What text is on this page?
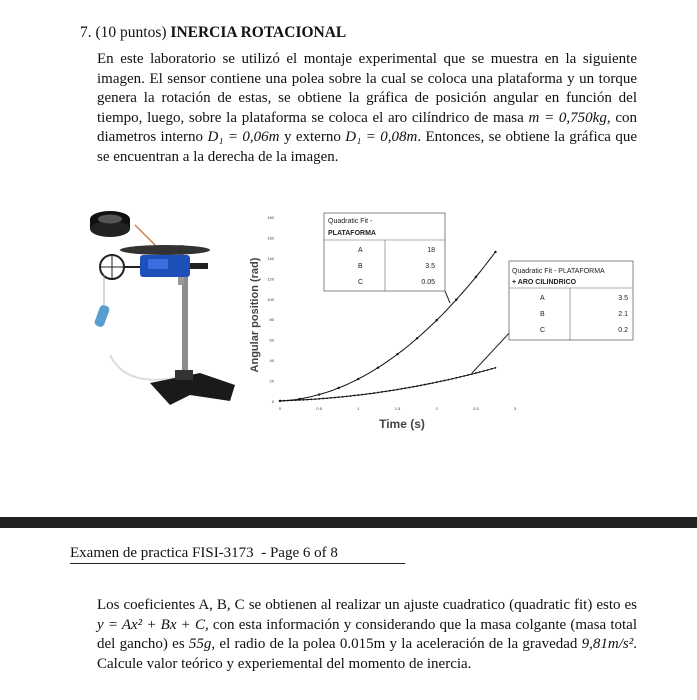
7. (10 puntos) INERCIA ROTACIONAL
En este laboratorio se utilizó el montaje experimental que se muestra en la siguiente imagen. El sensor contiene una polea sobre la cual se coloca una plataforma y un torque genera la rotación de estas, se obtiene la gráfica de posición angular en función del tiempo, luego, sobre la plataforma se coloca el aro cilíndrico de masa m = 0,750kg, con diametros interno D₁ = 0,06m y externo D₁ = 0,08m. Entonces, se obtiene la gráfica que se encuentran a la derecha de la imagen.
0
20
40
60
80
100
120
140
160
180
0	0.5	1	1.5	2	2.5	3
Angular position (rad)
Time (s)
Quadratic Fit -
PLATAFORMA
A	18
B	3.5
C	0.05
Quadratic Fit - PLATAFORMA
+ ARO CILINDRICO
A	3.5
B	2.1
C	0.2
Examen de practica FISI-3173  - Page 6 of 8
Los coeficientes A, B, C se obtienen al realizar un ajuste cuadratico (quadratic fit) esto es y = Ax² + Bx + C, con esta información y considerando que la masa colgante (masa total del gancho) es 55g, el radio de la polea 0.015m y la aceleración de la gravedad 9,81m/s². Calcule valor teórico y experiemental del momento de inercia.
